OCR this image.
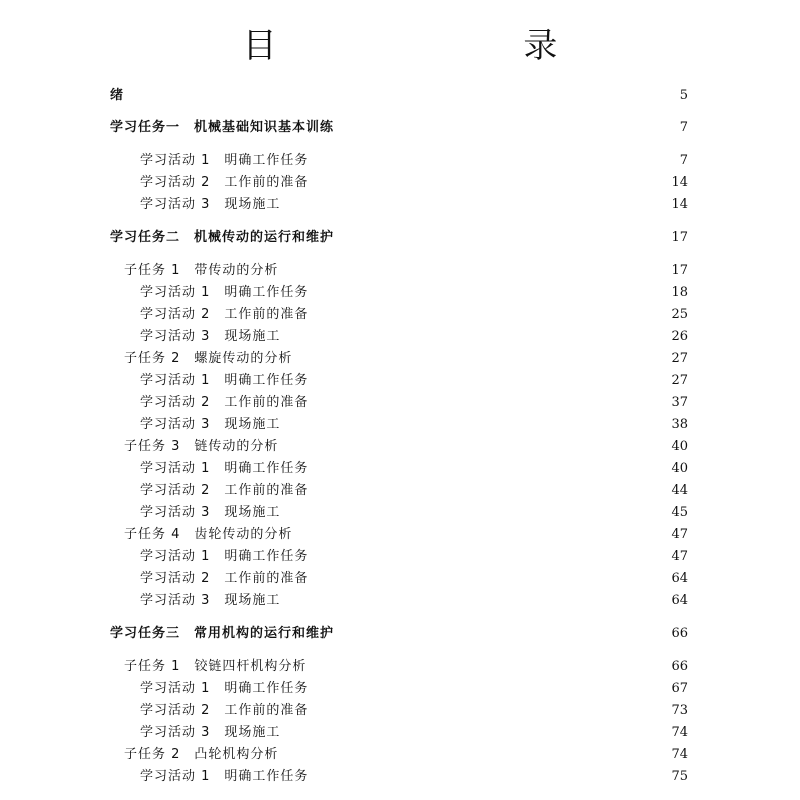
目 录
绪	5
学习任务一　机械基础知识基本训练	7
学习活动 1　明确工作任务	7
学习活动 2　工作前的准备	14
学习活动 3　现场施工	14
学习任务二　机械传动的运行和维护	17
子任务 1　带传动的分析	17
学习活动 1　明确工作任务	18
学习活动 2　工作前的准备	25
学习活动 3　现场施工	26
子任务 2　螺旋传动的分析	27
学习活动 1　明确工作任务	27
学习活动 2　工作前的准备	37
学习活动 3　现场施工	38
子任务 3　链传动的分析	40
学习活动 1　明确工作任务	40
学习活动 2　工作前的准备	44
学习活动 3　现场施工	45
子任务 4　齿轮传动的分析	47
学习活动 1　明确工作任务	47
学习活动 2　工作前的准备	64
学习活动 3　现场施工	64
学习任务三　常用机构的运行和维护	66
子任务 1　铰链四杆机构分析	66
学习活动 1　明确工作任务	67
学习活动 2　工作前的准备	73
学习活动 3　现场施工	74
子任务 2　凸轮机构分析	74
学习活动 1　明确工作任务	75
